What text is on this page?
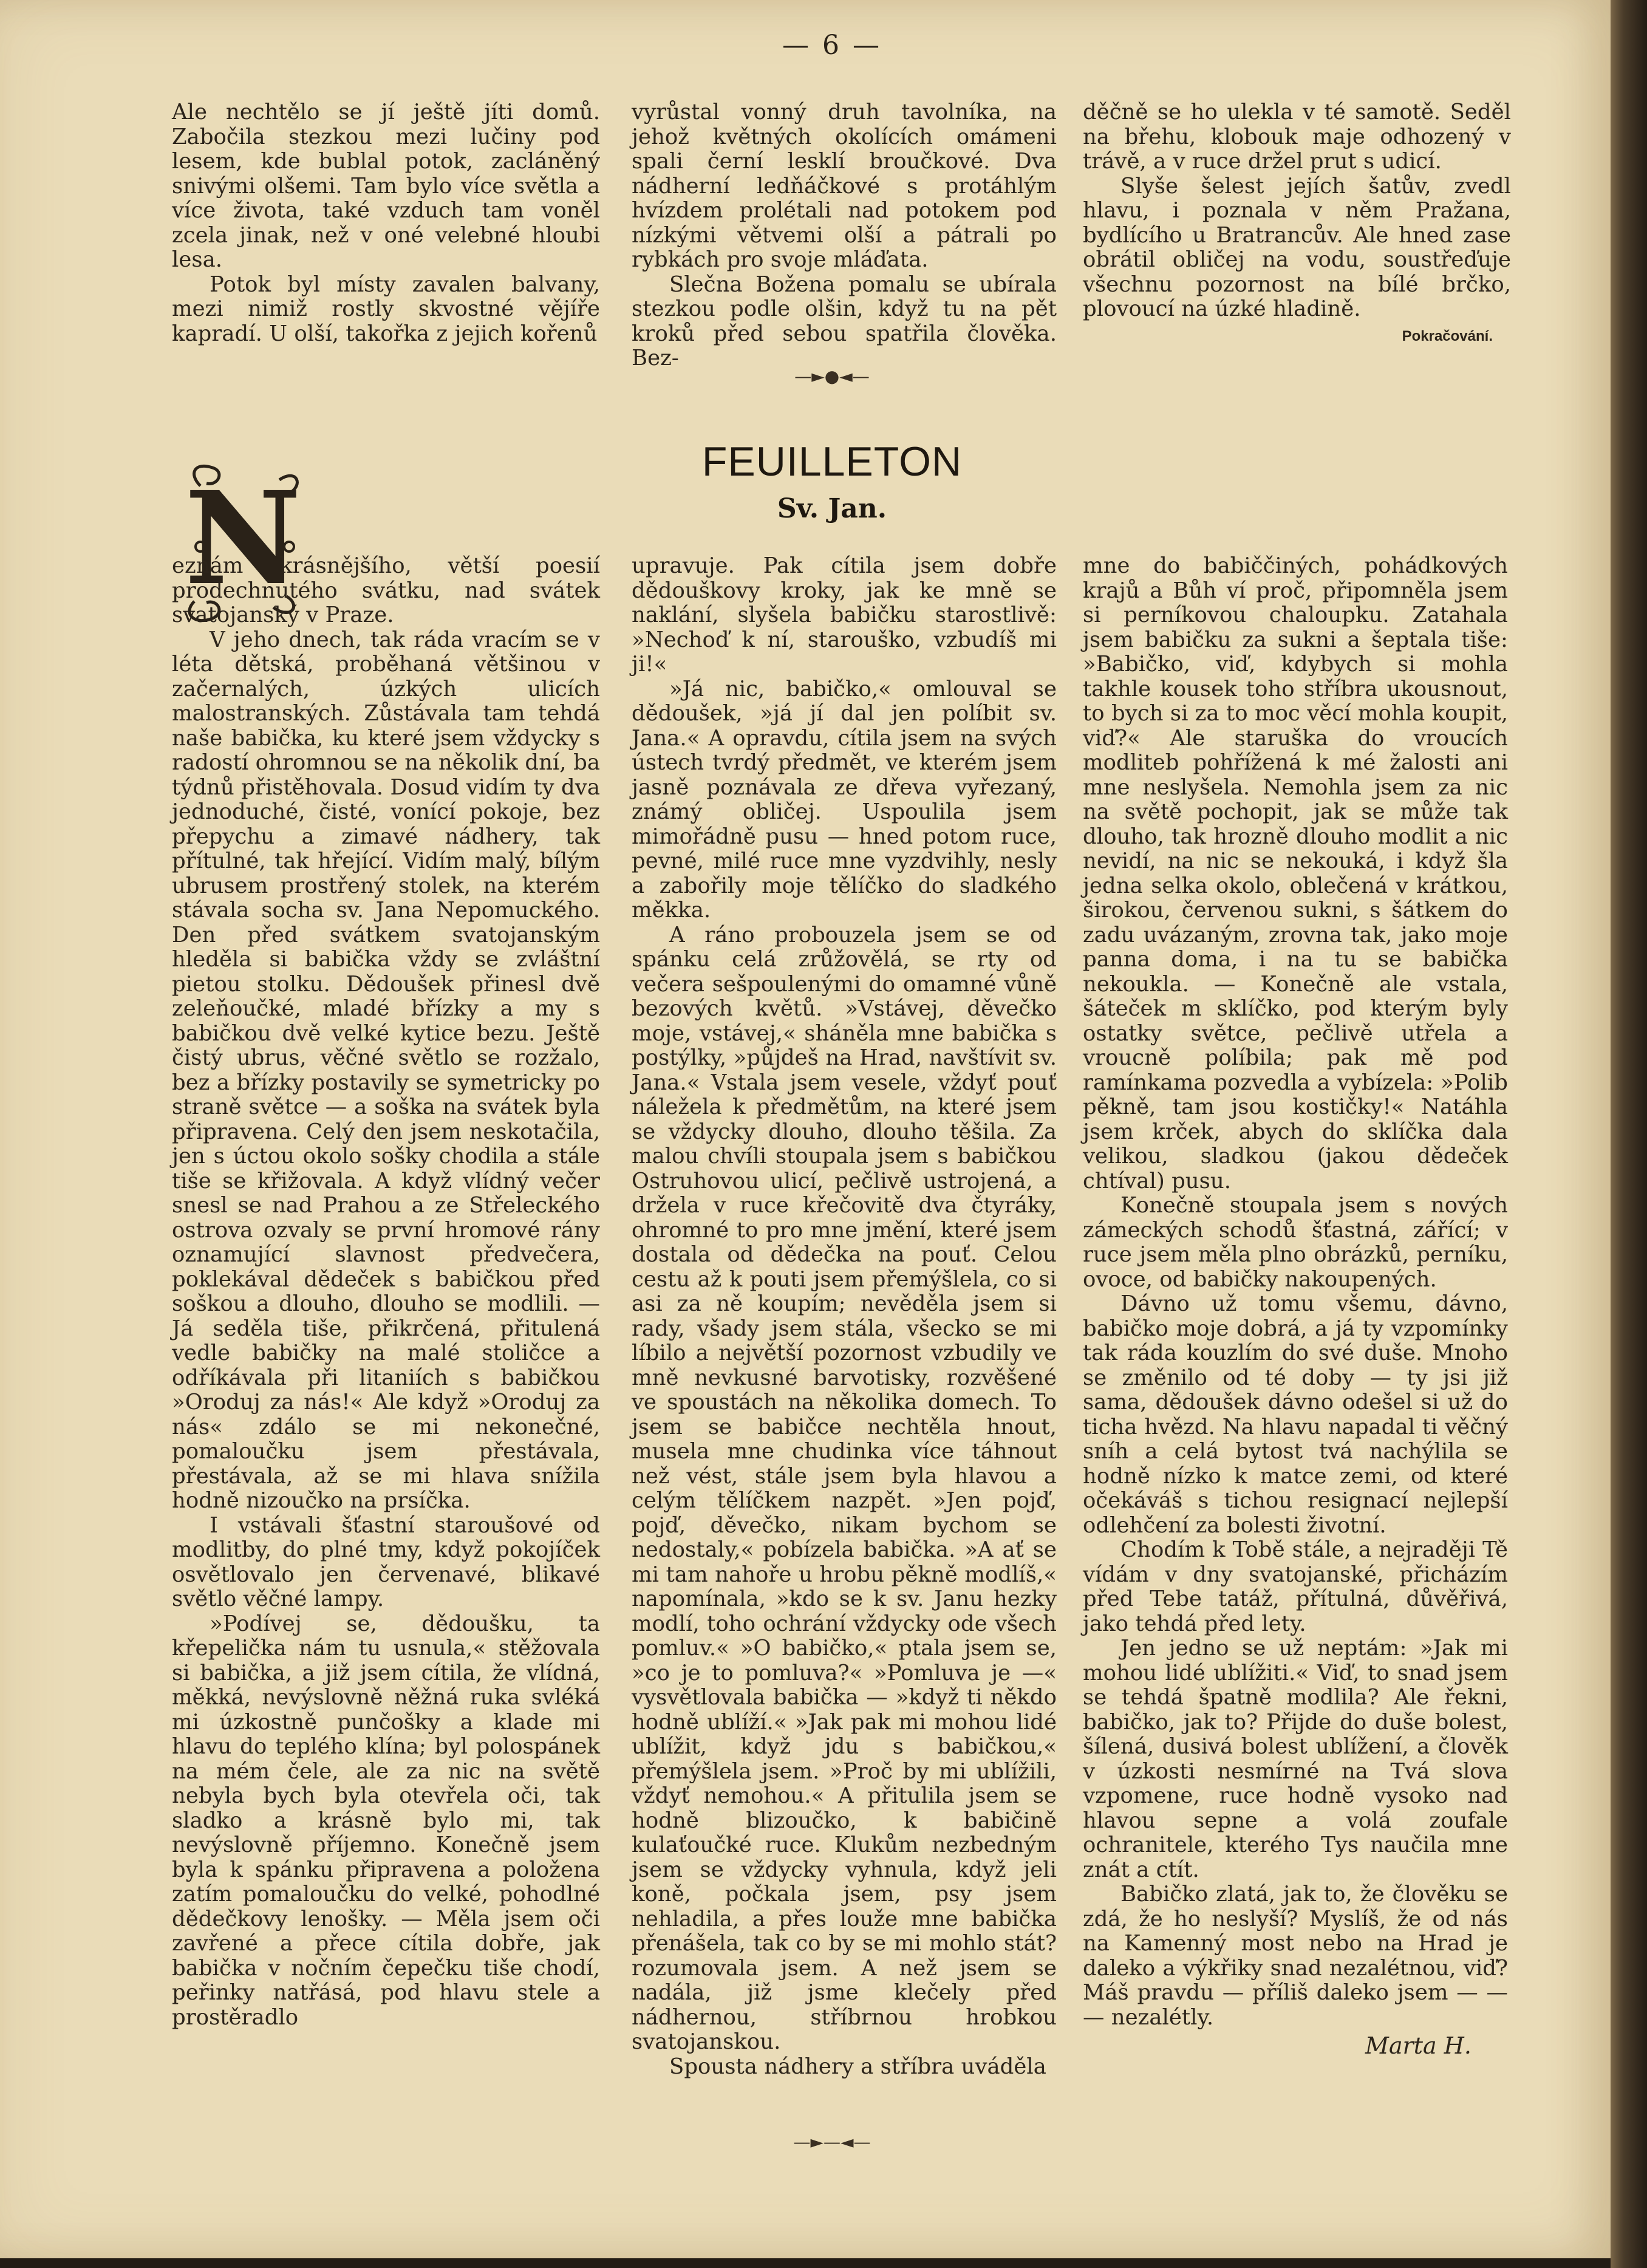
— 6 —

Ale nechtělo se jí ještě jíti domů. Zabočila stezkou mezi lučiny pod lesem, kde bublal potok, zacláněný snivými olšemi. Tam bylo více světla a více života, také vzduch tam voněl zcela jinak, než v oné velebné hloubi lesa.

Potok byl místy zavalen balvany, mezi nimiž rostly skvostné vějíře kapradí. U olší, takořka z jejich kořenů

vyrůstal vonný druh tavolníka, na jehož květných okolících omámeni spali černí lesklí broučkové. Dva nádherní ledňáčkové s protáhlým hvízdem prolétali nad potokem pod nízkými větvemi olší a pátrali po rybkách pro svoje mláďata.

Slečna Božena pomalu se ubírala stezkou podle olšin, když tu na pět kroků před sebou spatřila člověka. Bez-

děčně se ho ulekla v té samotě. Seděl na břehu, klobouk maje odhozený v trávě, a v ruce držel prut s udicí.

Slyše šelest jejích šatův, zvedl hlavu, i poznala v něm Pražana, bydlícího u Bratrancův. Ale hned zase obrátil obličej na vodu, soustřeďuje všechnu pozornost na bílé brčko, plovoucí na úzké hladině.

Pokračování.
—►●◄—
FEUILLETON
Sv. Jan.
N

eznám krásnějšího, větší poesií prodechnutého svátku, nad svátek svatojanský v Praze.

V jeho dnech, tak ráda vracím se v léta dětská, proběhaná většinou v začernalých, úzkých ulicích malostranských. Zůstávala tam tehdá naše babička, ku které jsem vždycky s radostí ohromnou se na několik dní, ba týdnů přistěhovala. Dosud vidím ty dva jednoduché, čisté, vonící pokoje, bez přepychu a zimavé nádhery, tak přítulné, tak hřející. Vidím malý, bílým ubrusem prostřený stolek, na kterém stávala socha sv. Jana Nepomuckého. Den před svátkem svatojanským hleděla si babička vždy se zvláštní pietou stolku. Dědoušek přinesl dvě zeleňoučké, mladé břízky a my s babičkou dvě velké kytice bezu. Ještě čistý ubrus, věčné světlo se rozžalo, bez a břízky postavily se symetricky po straně světce — a soška na svátek byla připravena. Celý den jsem neskotačila, jen s úctou okolo sošky chodila a stále tiše se křižovala. A když vlídný večer snesl se nad Prahou a ze Střeleckého ostrova ozvaly se první hromové rány oznamující slavnost předvečera, poklekával dědeček s babičkou před soškou a dlouho, dlouho se modlili. — Já seděla tiše, přikrčená, přitulená vedle babičky na malé stoličce a odříkávala při litaniích s babičkou »Oroduj za nás!« Ale když »Oroduj za nás« zdálo se mi nekonečné, pomaloučku jsem přestávala, přestávala, až se mi hlava snížila hodně nizoučko na prsíčka.

I vstávali šťastní staroušové od modlitby, do plné tmy, když pokojíček osvětlovalo jen červenavé, blikavé světlo věčné lampy.

»Podívej se, dědoušku, ta křepelička nám tu usnula,« stěžovala si babička, a již jsem cítila, že vlídná, měkká, nevýslovně něžná ruka svléká mi úzkostně punčošky a klade mi hlavu do teplého klína; byl polospánek na mém čele, ale za nic na světě nebyla bych byla otevřela oči, tak sladko a krásně bylo mi, tak nevýslovně příjemno. Konečně jsem byla k spánku připravena a položena zatím pomaloučku do velké, pohodlné dědečkovy lenošky. — Měla jsem oči zavřené a přece cítila dobře, jak babička v nočním čepečku tiše chodí, peřinky natřásá, pod hlavu stele a prostěradlo

upravuje. Pak cítila jsem dobře dědouškovy kroky, jak ke mně se naklání, slyšela babičku starostlivě: »Nechoď k ní, starouško, vzbudíš mi ji!«

»Já nic, babičko,« omlouval se dědoušek, »já jí dal jen políbit sv. Jana.« A opravdu, cítila jsem na svých ústech tvrdý předmět, ve kterém jsem jasně poznávala ze dřeva vyřezaný, známý obličej. Uspoulila jsem mimořádně pusu — hned potom ruce, pevné, milé ruce mne vyzdvihly, nesly a zabořily moje tělíčko do sladkého měkka.

A ráno probouzela jsem se od spánku celá zrůžovělá, se rty od večera sešpoulenými do omamné vůně bezových květů. »Vstávej, děvečko moje, vstávej,« sháněla mne babička s postýlky, »půjdeš na Hrad, navštívit sv. Jana.« Vstala jsem vesele, vždyť pouť náležela k předmětům, na které jsem se vždycky dlouho, dlouho těšila. Za malou chvíli stoupala jsem s babičkou Ostruhovou ulicí, pečlivě ustrojená, a držela v ruce křečovitě dva čtyráky, ohromné to pro mne jmění, které jsem dostala od dědečka na pouť. Celou cestu až k pouti jsem přemýšlela, co si asi za ně koupím; nevěděla jsem si rady, všady jsem stála, všecko se mi líbilo a největší pozornost vzbudily ve mně nevkusné barvotisky, rozvěšené ve spoustách na několika domech. To jsem se babičce nechtěla hnout, musela mne chudinka více táhnout než vést, stále jsem byla hlavou a celým tělíčkem nazpět. »Jen pojď, pojď, děvečko, nikam bychom se nedostaly,« pobízela babička. »A ať se mi tam nahoře u hrobu pěkně modlíš,« napomínala, »kdo se k sv. Janu hezky modlí, toho ochrání vždycky ode všech pomluv.« »O babičko,« ptala jsem se, »co je to pomluva?« »Pomluva je —« vysvětlovala babička — »když ti někdo hodně ublíží.« »Jak pak mi mohou lidé ublížit, když jdu s babičkou,« přemýšlela jsem. »Proč by mi ublížili, vždyť nemohou.« A přitulila jsem se hodně blizoučko, k babičině kulaťoučké ruce. Klukům nezbedným jsem se vždycky vyhnula, když jeli koně, počkala jsem, psy jsem nehladila, a přes louže mne babička přenášela, tak co by se mi mohlo stát? rozumovala jsem. A než jsem se nadála, již jsme klečely před nádhernou, stříbrnou hrobkou svatojanskou.

Spousta nádhery a stříbra uváděla

mne do babiččiných, pohádkových krajů a Bůh ví proč, připomněla jsem si perníkovou chaloupku. Zatahala jsem babičku za sukni a šeptala tiše: »Babičko, viď, kdybych si mohla takhle kousek toho stříbra ukousnout, to bych si za to moc věcí mohla koupit, viď?« Ale staruška do vroucích modliteb pohřížená k mé žalosti ani mne neslyšela. Nemohla jsem za nic na světě pochopit, jak se může tak dlouho, tak hrozně dlouho modlit a nic nevidí, na nic se nekouká, i když šla jedna selka okolo, oblečená v krátkou, širokou, červenou sukni, s šátkem do zadu uvázaným, zrovna tak, jako moje panna doma, i na tu se babička nekoukla. — Konečně ale vstala, šáteček m sklíčko, pod kterým byly ostatky světce, pečlivě utřela a vroucně políbila; pak mě pod ramínkama pozvedla a vybízela: »Polib pěkně, tam jsou kostičky!« Natáhla jsem krček, abych do sklíčka dala velikou, sladkou (jakou dědeček chtíval) pusu.

Konečně stoupala jsem s nových zámeckých schodů šťastná, zářící; v ruce jsem měla plno obrázků, perníku, ovoce, od babičky nakoupených.

Dávno už tomu všemu, dávno, babičko moje dobrá, a já ty vzpomínky tak ráda kouzlím do své duše. Mnoho se změnilo od té doby — ty jsi již sama, dědoušek dávno odešel si už do ticha hvězd. Na hlavu napadal ti věčný sníh a celá bytost tvá nachýlila se hodně nízko k matce zemi, od které očekáváš s tichou resignací nejlepší odlehčení za bolesti životní.

Chodím k Tobě stále, a nejraději Tě vídám v dny svatojanské, přicházím před Tebe tatáž, přítulná, důvěřivá, jako tehdá před lety.

Jen jedno se už neptám: »Jak mi mohou lidé ublížiti.« Viď, to snad jsem se tehdá špatně modlila? Ale řekni, babičko, jak to? Přijde do duše bolest, šílená, dusivá bolest ublížení, a člověk v úzkosti nesmírné na Tvá slova vzpomene, ruce hodně vysoko nad hlavou sepne a volá zoufale ochranitele, kterého Tys naučila mne znát a ctít.

Babičko zlatá, jak to, že člověku se zdá, že ho neslyší? Myslíš, že od nás na Kamenný most nebo na Hrad je daleko a výkřiky snad nezalétnou, viď? Máš pravdu — příliš daleko jsem — — — nezalétly.

Marta H.

—►—◄—
